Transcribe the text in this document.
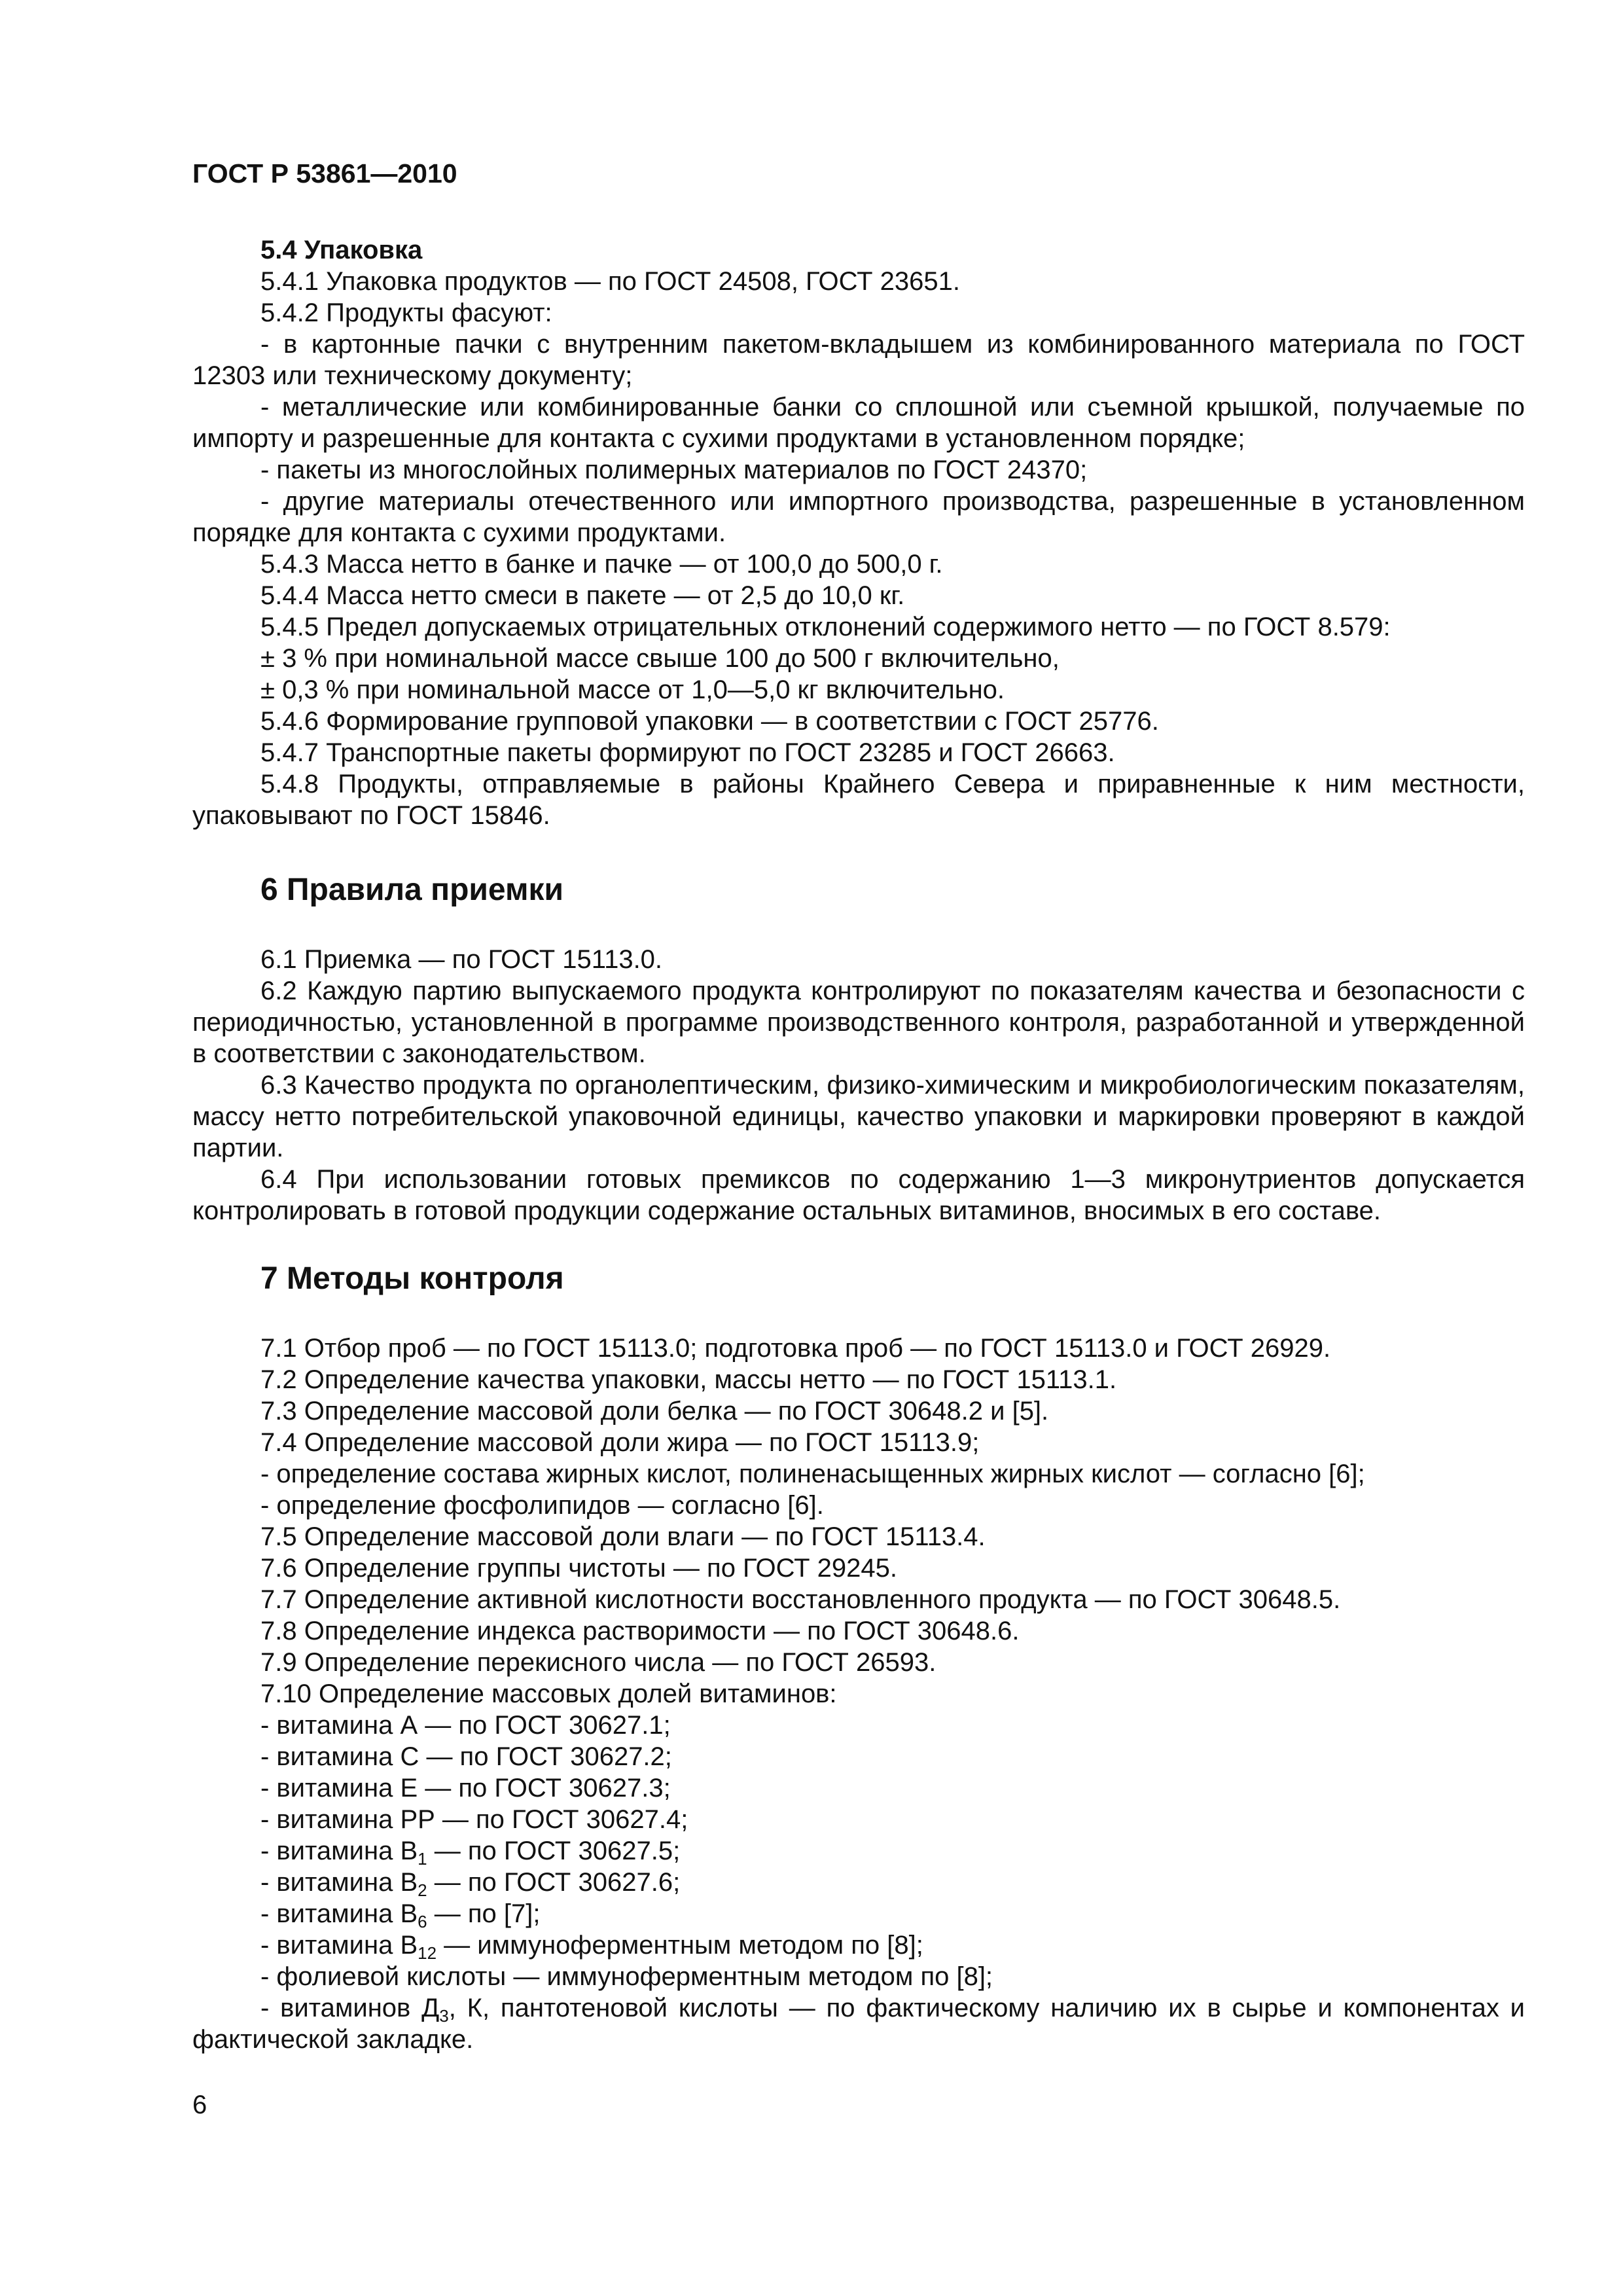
ГОСТ Р 53861—2010
5.4 Упаковка

5.4.1 Упаковка продуктов — по ГОСТ 24508, ГОСТ 23651.

5.4.2 Продукты фасуют:

- в картонные пачки с внутренним пакетом-вкладышем из комбинированного материала по ГОСТ 12303 или техническому документу;

- металлические или комбинированные банки со сплошной или съемной крышкой, получаемые по импорту и разрешенные для контакта с сухими продуктами в установленном порядке;

- пакеты из многослойных полимерных материалов по ГОСТ 24370;

- другие материалы отечественного или импортного производства, разрешенные в установленном порядке для контакта с сухими продуктами.

5.4.3 Масса нетто в банке и пачке — от 100,0 до 500,0 г.

5.4.4 Масса нетто смеси в пакете — от 2,5 до 10,0 кг.

5.4.5 Предел допускаемых отрицательных отклонений содержимого нетто — по ГОСТ 8.579:

± 3 % при номинальной массе свыше 100 до 500 г включительно,

± 0,3 % при номинальной массе от 1,0—5,0 кг включительно.

5.4.6 Формирование групповой упаковки — в соответствии с ГОСТ 25776.

5.4.7 Транспортные пакеты формируют по ГОСТ 23285 и ГОСТ 26663.

5.4.8 Продукты, отправляемые в районы Крайнего Севера и приравненные к ним местности, упаковывают по ГОСТ 15846.

6 Правила приемки

6.1 Приемка — по ГОСТ 15113.0.

6.2 Каждую партию выпускаемого продукта контролируют по показателям качества и безопасности с периодичностью, установленной в программе производственного контроля, разработанной и утвержденной в соответствии с законодательством.

6.3 Качество продукта по органолептическим, физико-химическим и микробиологическим показателям, массу нетто потребительской упаковочной единицы, качество упаковки и маркировки проверяют в каждой партии.

6.4 При использовании готовых премиксов по содержанию 1—3 микронутриентов допускается контролировать в готовой продукции содержание остальных витаминов, вносимых в его составе.

7 Методы контроля

7.1 Отбор проб — по ГОСТ 15113.0; подготовка проб — по ГОСТ 15113.0 и ГОСТ 26929.

7.2 Определение качества упаковки, массы нетто — по ГОСТ 15113.1.

7.3 Определение массовой доли белка — по ГОСТ 30648.2 и [5].

7.4 Определение массовой доли жира — по ГОСТ 15113.9;

- определение состава жирных кислот, полиненасыщенных жирных кислот — согласно [6];

- определение фосфолипидов — согласно [6].

7.5 Определение массовой доли влаги — по ГОСТ 15113.4.

7.6 Определение группы чистоты — по ГОСТ 29245.

7.7 Определение активной кислотности восстановленного продукта — по ГОСТ 30648.5.

7.8 Определение индекса растворимости — по ГОСТ 30648.6.

7.9 Определение перекисного числа — по ГОСТ 26593.

7.10 Определение массовых долей витаминов:

- витамина А — по ГОСТ 30627.1;

- витамина С — по ГОСТ 30627.2;

- витамина Е — по ГОСТ 30627.3;

- витамина РР — по ГОСТ 30627.4;

- витамина $В_1$ — по ГОСТ 30627.5;

- витамина $В_2$ — по ГОСТ 30627.6;

- витамина $В_6$ — по [7];

- витамина $В_{12}$ — иммуноферментным методом по [8];

- фолиевой кислоты — иммуноферментным методом по [8];

- витаминов $Д_3$, К, пантотеновой кислоты — по фактическому наличию их в сырье и компонентах и фактической закладке.

6
